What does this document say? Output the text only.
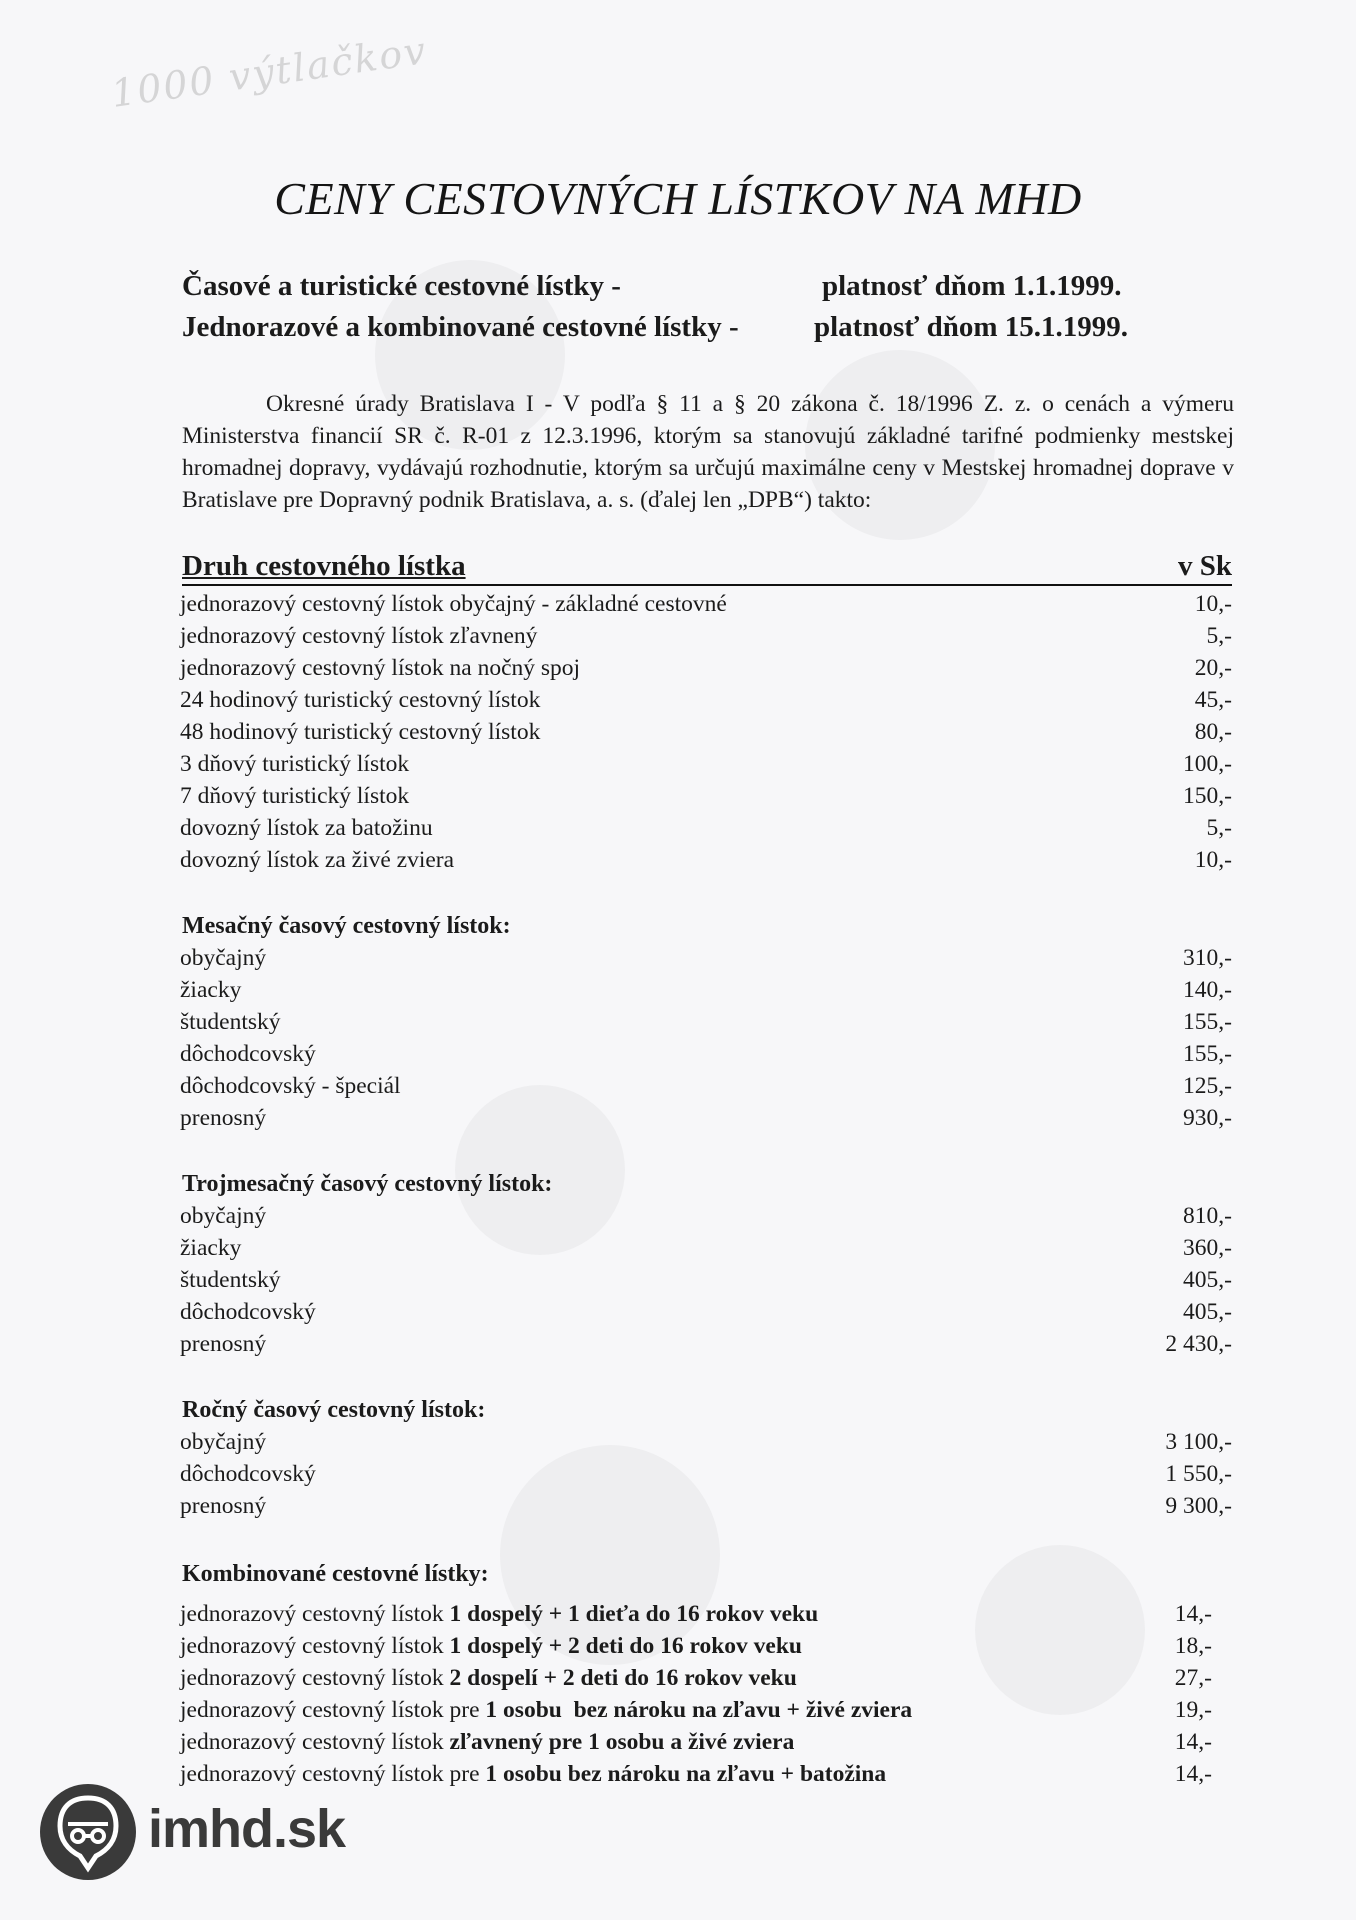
1000 výtlačkov
CENY CESTOVNÝCH LÍSTKOV NA MHD
Časové a turistické cestovné lístky -	platnosť dňom 1.1.1999.
Jednorazové a kombinované cestovné lístky -	platnosť dňom 15.1.1999.
Okresné úrady Bratislava I - V podľa § 11 a § 20 zákona č. 18/1996 Z. z. o cenách a výmeru Ministerstva financií SR č. R-01 z 12.3.1996, ktorým sa stanovujú základné tarifné podmienky mestskej hromadnej dopravy, vydávajú rozhodnutie, ktorým sa určujú maximálne ceny v Mestskej hromadnej doprave v Bratislave pre Dopravný podnik Bratislava, a. s. (ďalej len „DPB“) takto:
Druh cestovného lístka	v Sk
jednorazový cestovný lístok obyčajný - základné cestovné	10,-
jednorazový cestovný lístok zľavnený	5,-
jednorazový cestovný lístok na nočný spoj	20,-
24 hodinový turistický cestovný lístok	45,-
48 hodinový turistický cestovný lístok	80,-
3 dňový turistický lístok	100,-
7 dňový turistický lístok	150,-
dovozný lístok za batožinu	5,-
dovozný lístok za živé zviera	10,-
Mesačný časový cestovný lístok:
obyčajný	310,-
žiacky	140,-
študentský	155,-
dôchodcovský	155,-
dôchodcovský - špeciál	125,-
prenosný	930,-
Trojmesačný časový cestovný lístok:
obyčajný	810,-
žiacky	360,-
študentský	405,-
dôchodcovský	405,-
prenosný	2 430,-
Ročný časový cestovný lístok:
obyčajný	3 100,-
dôchodcovský	1 550,-
prenosný	9 300,-
Kombinované cestovné lístky:
jednorazový cestovný lístok 1 dospelý + 1 dieťa do 16 rokov veku	14,-
jednorazový cestovný lístok 1 dospelý + 2 deti do 16 rokov veku	18,-
jednorazový cestovný lístok 2 dospelí + 2 deti do 16 rokov veku	27,-
jednorazový cestovný lístok pre 1 osobu  bez nároku na zľavu + živé zviera	19,-
jednorazový cestovný lístok zľavnený pre 1 osobu a živé zviera	14,-
jednorazový cestovný lístok pre 1 osobu bez nároku na zľavu + batožina	14,-
imhd.sk
